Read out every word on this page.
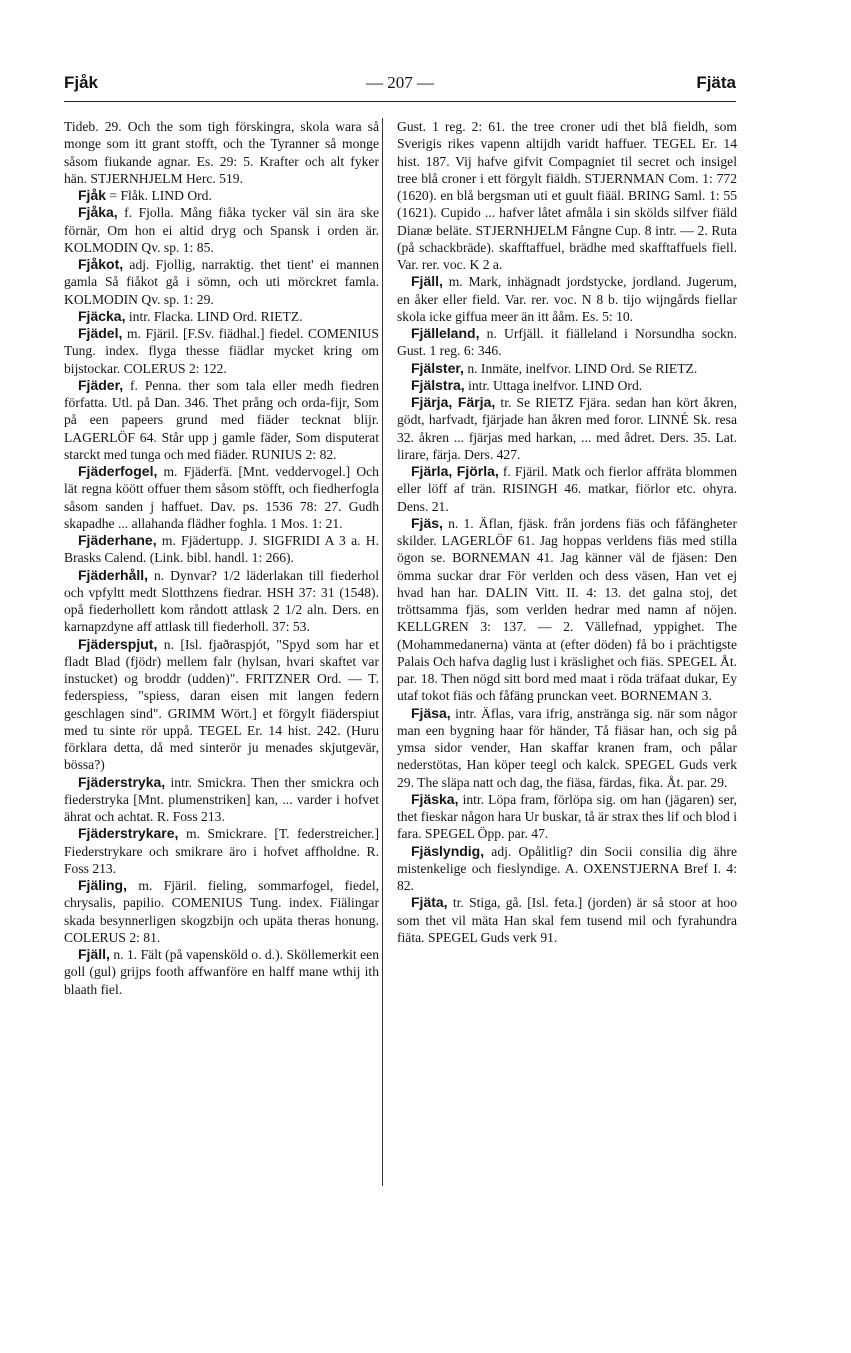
Fjåk	— 207 —	Fjäta

Tideb. 29. Och the som tigh förskingra, skola wara så monge som itt grant stofft, och the Tyranner så monge såsom fiukande agnar. Es. 29: 5. Krafter och alt fyker hän. STJERNHJELM Herc. 519.

Fjåk = Flåk. LIND Ord.

Fjåka, f. Fjolla. Mång fiåka tycker väl sin ära ske förnär, Om hon ei altid dryg och Spansk i orden är. KOLMODIN Qv. sp. 1: 85.

Fjåkot, adj. Fjollig, narraktig. thet tient' ei mannen gamla Så fiåkot gå i sömn, och uti mörckret famla. KOLMODIN Qv. sp. 1: 29.

Fjäcka, intr. Flacka. LIND Ord. RIETZ.

Fjädel, m. Fjäril. [F.Sv. fiädhal.] fiedel. COMENIUS Tung. index. flyga thesse fiädlar mycket kring om bijstockar. COLERUS 2: 122.

Fjäder, f. Penna. ther som tala eller medh fiedren författa. Utl. på Dan. 346. Thet prång och orda-fijr, Som på een papeers grund med fiäder tecknat blijr. LAGERLÖF 64. Står upp j gamle fäder, Som disputerat starckt med tunga och med fiäder. RUNIUS 2: 82.

Fjäderfogel, m. Fjäderfä. [Mnt. veddervogel.] Och lät regna köött offuer them såsom stöfft, och fiedherfogla såsom sanden j haffuet. Dav. ps. 1536 78: 27. Gudh skapadhe ... allahanda flädher foghla. 1 Mos. 1: 21.

Fjäderhane, m. Fjädertupp. J. SIGFRIDI A 3 a. H. Brasks Calend. (Link. bibl. handl. 1: 266).

Fjäderhåll, n. Dynvar? 1/2 läderlakan till fiederhol och vpfyltt medt Slotthzens fiedrar. HSH 37: 31 (1548). opå fiederhollett kom råndott attlask 2 1/2 aln. Ders. en karnapzdyne aff attlask till fiederholl. 37: 53.

Fjäderspjut, n. [Isl. fjaðraspjót, "Spyd som har et fladt Blad (fjödr) mellem falr (hylsan, hvari skaftet var instucket) og broddr (udden)". FRITZNER Ord. — T. federspiess, "spiess, daran eisen mit langen federn geschlagen sind". GRIMM Wört.] et förgylt fiäderspiut med tu sinte rör uppå. TEGEL Er. 14 hist. 242. (Huru förklara detta, då med sinterör ju menades skjutgevär, bössa?)

Fjäderstryka, intr. Smickra. Then ther smickra och fiederstryka [Mnt. plumenstriken] kan, ... varder i hofvet ährat och achtat. R. Foss 213.

Fjäderstrykare, m. Smickrare. [T. federstreicher.] Fiederstrykare och smikrare äro i hofvet affholdne. R. Foss 213.

Fjäling, m. Fjäril. fieling, sommarfogel, fiedel, chrysalis, papilio. COMENIUS Tung. index. Fiälingar skada besynnerligen skogzbijn och upäta theras honung. COLERUS 2: 81.

Fjäll, n. 1. Fält (på vapensköld o. d.). Sköllemerkit een goll (gul) grijps footh affwanföre en halff mane wthij ith blaath fiel.

Gust. 1 reg. 2: 61. the tree croner udi thet blå fieldh, som Sverigis rikes vapenn altijdh varidt haffuer. TEGEL Er. 14 hist. 187. Vij hafve gifvit Compagniet til secret och insigel tree blå croner i ett förgylt fiäldh. STJERNMAN Com. 1: 772 (1620). en blå bergsman uti et guult fiääl. BRING Saml. 1: 55 (1621). Cupido ... hafver låtet afmåla i sin skölds silfver fiäld Dianæ beläte. STJERNHJELM Fångne Cup. 8 intr. — 2. Ruta (på schackbräde). skafftaffuel, brädhe med skafftaffuels fiell. Var. rer. voc. K 2 a.

Fjäll, m. Mark, inhägnadt jordstycke, jordland. Jugerum, en åker eller field. Var. rer. voc. N 8 b. tijo wijngårds fiellar skola icke giffua meer än itt ååm. Es. 5: 10.

Fjälleland, n. Urfjäll. it fiälleland i Norsundha sockn. Gust. 1 reg. 6: 346.

Fjälster, n. Inmäte, inelfvor. LIND Ord. Se RIETZ.

Fjälstra, intr. Uttaga inelfvor. LIND Ord.

Fjärja, Färja, tr. Se RIETZ Fjära. sedan han kört åkren, gödt, harfvadt, fjärjade han åkren med foror. LINNÉ Sk. resa 32. åkren ... fjärjas med harkan, ... med ådret. Ders. 35. Lat. lirare, färja. Ders. 427.

Fjärla, Fjörla, f. Fjäril. Matk och fierlor affräta blommen eller löff af trän. RISINGH 46. matkar, fiörlor etc. ohyra. Dens. 21.

Fjäs, n. 1. Äflan, fjäsk. från jordens fiäs och fåfängheter skilder. LAGERLÖF 61. Jag hoppas verldens fiäs med stilla ögon se. BORNEMAN 41. Jag känner väl de fjäsen: Den ömma suckar drar För verlden och dess väsen, Han vet ej hvad han har. DALIN Vitt. II. 4: 13. det galna stoj, det tröttsamma fjäs, som verlden hedrar med namn af nöjen. KELLGREN 3: 137. — 2. Vällefnad, yppighet. The (Mohammedanerna) vänta at (efter döden) få bo i prächtigste Palais Och hafva daglig lust i kräslighet och fiäs. SPEGEL Åt. par. 18. Then nögd sitt bord med maat i röda träfaat dukar, Ey utaf tokot fiäs och fåfäng prunckan veet. BORNEMAN 3.

Fjäsa, intr. Äflas, vara ifrig, anstränga sig. när som någor man een bygning haar för händer, Tå fiäsar han, och sig på ymsa sidor vender, Han skaffar kranen fram, och pålar nederstötas, Han köper teegl och kalck. SPEGEL Guds verk 29. The släpa natt och dag, the fiäsa, färdas, fika. Åt. par. 29.

Fjäska, intr. Löpa fram, förlöpa sig. om han (jägaren) ser, thet fieskar någon hara Ur buskar, tå är strax thes lif och blod i fara. SPEGEL Öpp. par. 47.

Fjäslyndig, adj. Opålitlig? din Socii consilia dig ähre mistenkelige och fieslyndige. A. OXENSTJERNA Bref I. 4: 82.

Fjäta, tr. Stiga, gå. [Isl. feta.] (jorden) är så stoor at hoo som thet vil mäta Han skal fem tusend mil och fyrahundra fiäta. SPEGEL Guds verk 91.
